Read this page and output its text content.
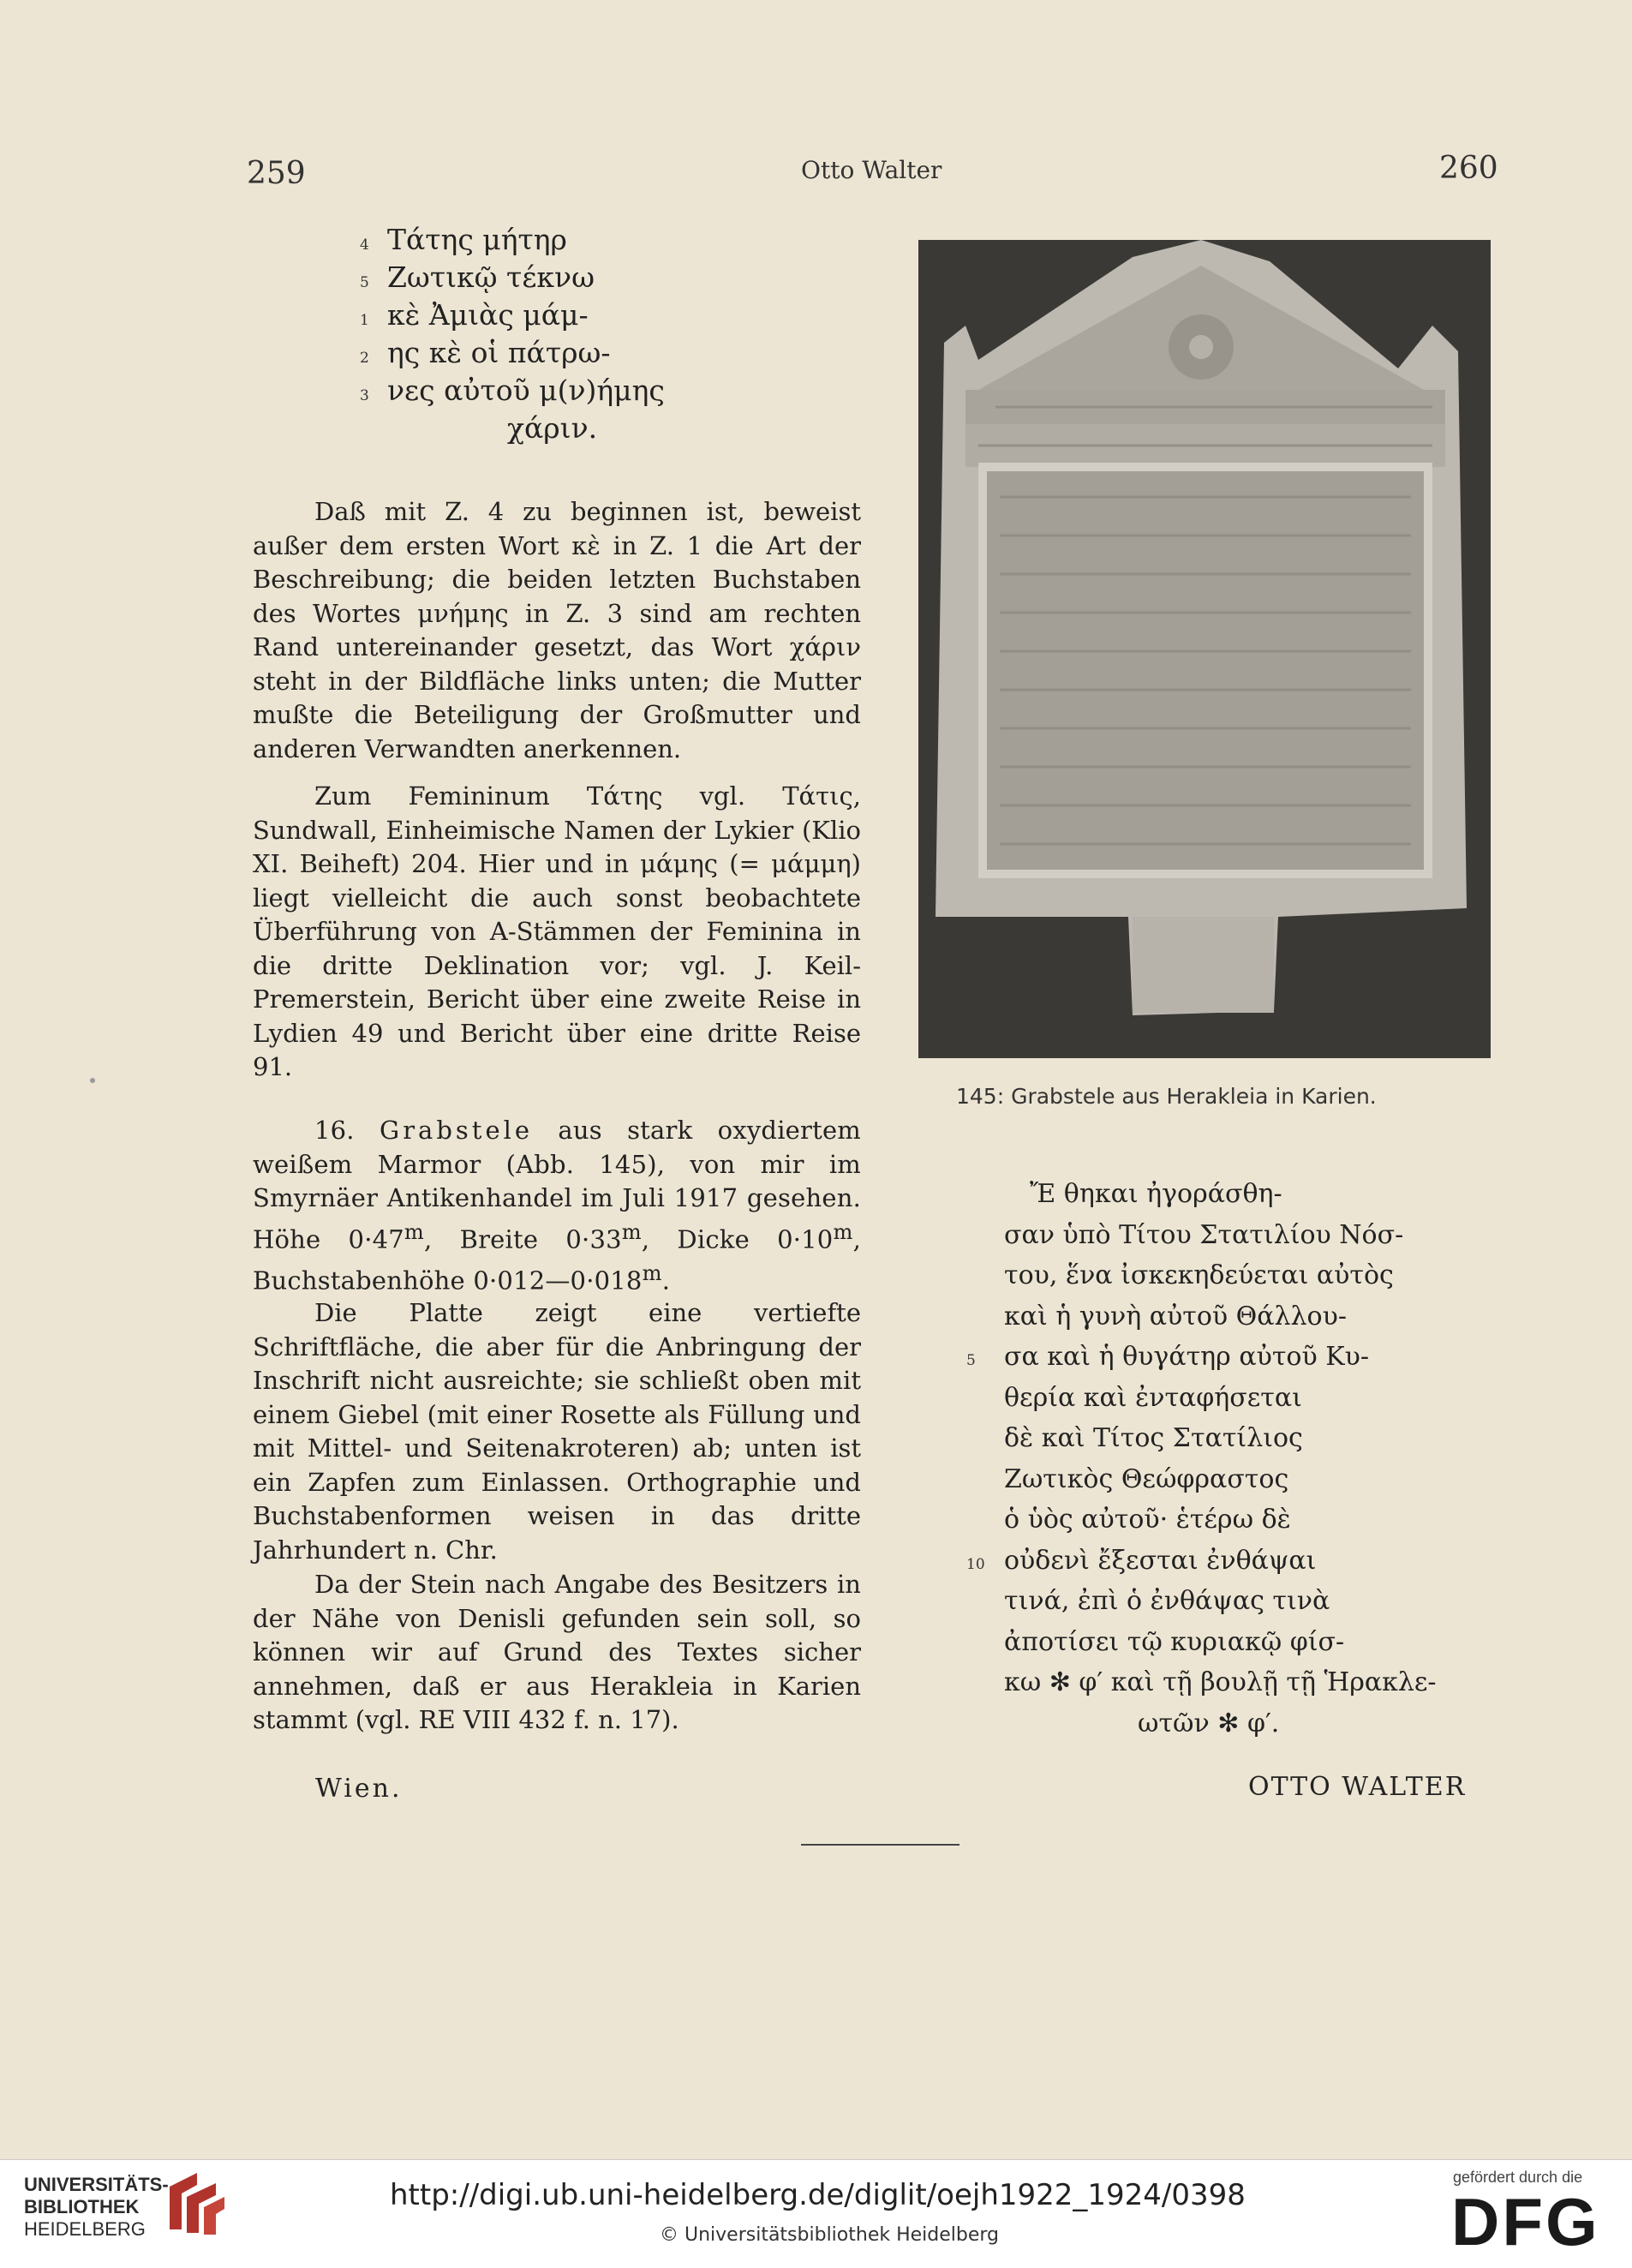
259	Otto Walter	260
4 Τάτης μήτηρ
5 Ζωτικῷ τέκνω
1 κὲ Ἀμιὰς μάμ-
2 ης κὲ οἱ πάτρω-
3 νες αὐτοῦ μ(ν)ήμης
χάριν.

Daß mit Z. 4 zu beginnen ist, beweist außer dem ersten Wort κὲ in Z. 1 die Art der Beschreibung; die beiden letzten Buchstaben des Wortes μνήμης in Z. 3 sind am rechten Rand untereinander gesetzt, das Wort χάριν steht in der Bildfläche links unten; die Mutter mußte die Beteiligung der Großmutter und anderen Verwandten anerkennen.

Zum Femininum Τάτης vgl. Τάτις, Sundwall, Einheimische Namen der Lykier (Klio XI. Beiheft) 204. Hier und in μάμης (= μάμμη) liegt vielleicht die auch sonst beobachtete Überführung von A-Stämmen der Feminina in die dritte Deklination vor; vgl. J. Keil-Premerstein, Bericht über eine zweite Reise in Lydien 49 und Bericht über eine dritte Reise 91.

16. Grabstele aus stark oxydiertem weißem Marmor (Abb. 145), von mir im Smyrnäer Antikenhandel im Juli 1917 gesehen. Höhe $0\cdot 47^m$, Breite $0\cdot 33^m$, Dicke $0\cdot 10^m$, Buchstabenhöhe $0\cdot 012—0\cdot 018^m$.

Die Platte zeigt eine vertiefte Schriftfläche, die aber für die Anbringung der Inschrift nicht ausreichte; sie schließt oben mit einem Giebel (mit einer Rosette als Füllung und mit Mittel- und Seitenakroteren) ab; unten ist ein Zapfen zum Einlassen. Orthographie und Buchstabenformen weisen in das dritte Jahrhundert n. Chr.

Da der Stein nach Angabe des Besitzers in der Nähe von Denisli gefunden sein soll, so können wir auf Grund des Textes sicher annehmen, daß er aus Herakleia in Karien stammt (vgl. RE VIII 432 f. n. 17).

145: Grabstele aus Herakleia in Karien.
Ἔ θηκαι ἠγοράσθη-
σαν ὑπὸ Τίτου Στατιλίου Νόσ-
του, ἕνα ἰσκεκηδεύεται αὐτὸς
καὶ ἡ γυνὴ αὐτοῦ Θάλλου-
5	σα καὶ ἡ θυγάτηρ αὐτοῦ Κυ-
θερία καὶ ἐνταφήσεται
δὲ καὶ Τίτος Στατίλιος
Ζωτικὸς Θεώφραστος
ὁ ὑὸς αὐτοῦ· ἑτέρω δὲ
10 οὐδενὶ ἔξεσται ἐνθάψαι
τινά, ἐπὶ ὁ ἐνθάψας τινὰ
ἀποτίσει τῷ κυριακῷ φίσ-
κω ✻ φ′ καὶ τῇ βουλῇ τῇ Ἡρακλε-
ωτῶν ✻ φ′.
Wien.	OTTO WALTER
UNIVERSITÄTS-
BIBLIOTHEK
HEIDELBERG
http://digi.ub.uni-heidelberg.de/diglit/oejh1922_1924/0398
© Universitätsbibliothek Heidelberg
gefördert durch die
DFG
